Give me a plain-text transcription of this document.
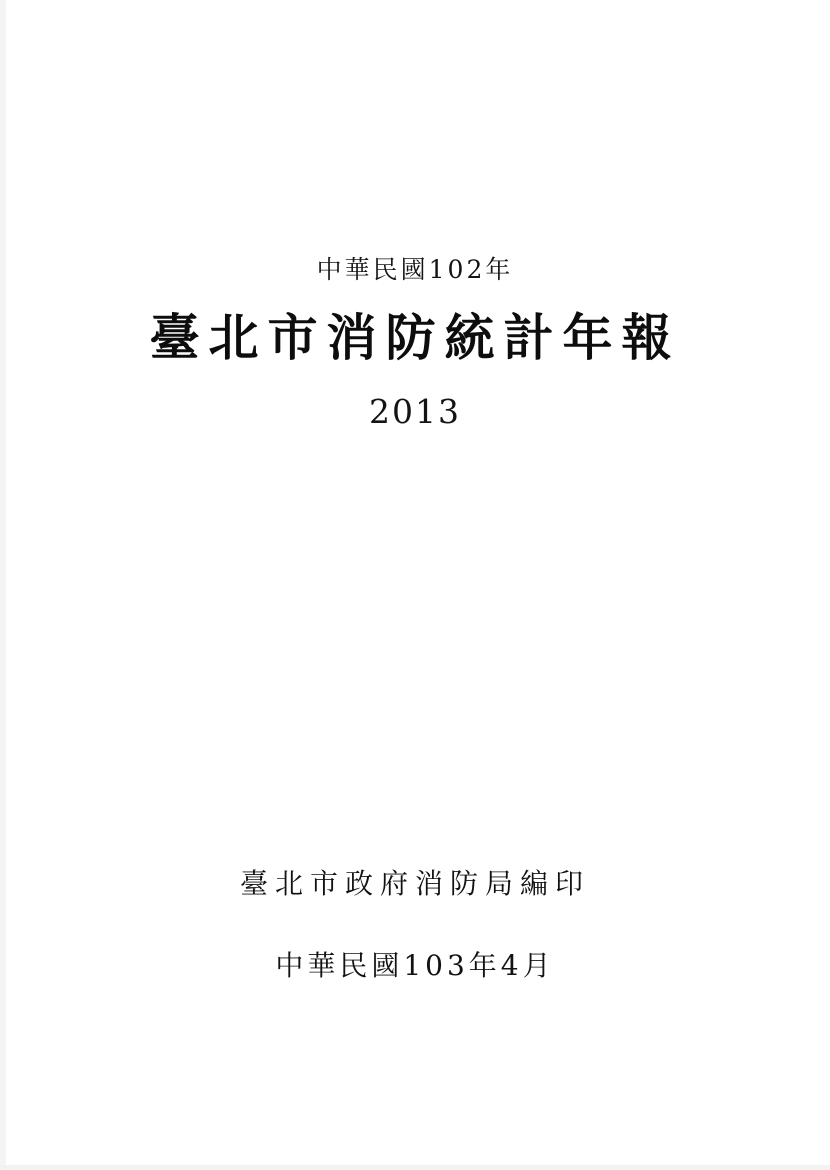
中華民國102年
臺北市消防統計年報
2013
臺北市政府消防局編印
中華民國103年4月
